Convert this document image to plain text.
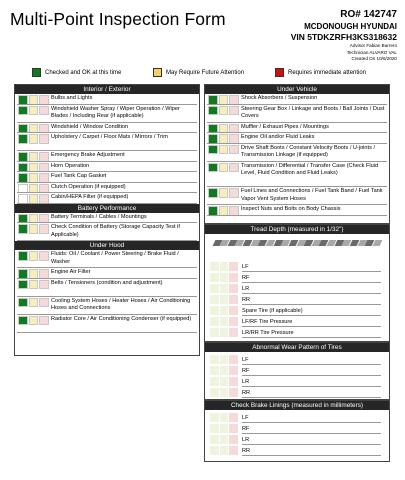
Multi-Point Inspection Form	RO# 142747
MCDONOUGH HYUNDAI
VIN 5TDKZRFH3KS318632
Advisor Fabian Barrero
Technician ALVARO VAL
Created On 10/6/2020
Checked and OK at this time	May Require Future Attention	Requires immediate attention
Interior / Exterior
Bulbs and Lights
Windshield Washer Spray / Wiper Operation / Wiper Blades / Including Rear (if applicable)
Windshield / Window Condition
Upholstery / Carpet / Floor Mats / Mirrors / Trim
Emergency Brake Adjustment
Horn Operation
Fuel Tank Cap Gasket
Clutch Operation (if equipped)
Cabin/HEPA Filter (if equipped)
Battery Performance
Battery Terminals / Cables / Mountings
Check Condition of Battery (Storage Capacity Test if Applicable)
Under Hood
Fluids: Oil / Coolant / Power Steering / Brake Fluid / Washer
Engine Air Filter
Belts / Tensioners (condition and adjustment)
Cooling System Hoses / Heater Hoses / Air Conditioning Hoses and Connections
Radiator Core / Air Conditioning Condenser (if equipped)
Under Vehicle
Shock Absorbers / Suspension
Steering Gear Box / Linkage and Boots / Ball Joints / Dust Covers
Muffler / Exhaust Pipes / Mountings
Engine Oil and/or Fluid Leaks
Drive Shaft Boots / Constant Velocity Boots / U-joints / Transmission Linkage (if equipped)
Transmission / Differential / Transfer Case (Check Fluid Level, Fluid Condition and Fluid Leaks)
Fuel Lines and Connections / Fuel Tank Band / Fuel Tank Vapor Vent System Hoses
Inspect Nuts and Bolts on Body Chassis
Tread Depth (measured in 1/32")
LF
RF
LR
RR
Spare Tire (if applicable)
LF/RF Tire Pressure
LR/RR Tire Pressure
Abnormal Wear Pattern of Tires
LF
RF
LR
RR
Check Brake Linings (measured in millimeters)
LF
RF
LR
RR
